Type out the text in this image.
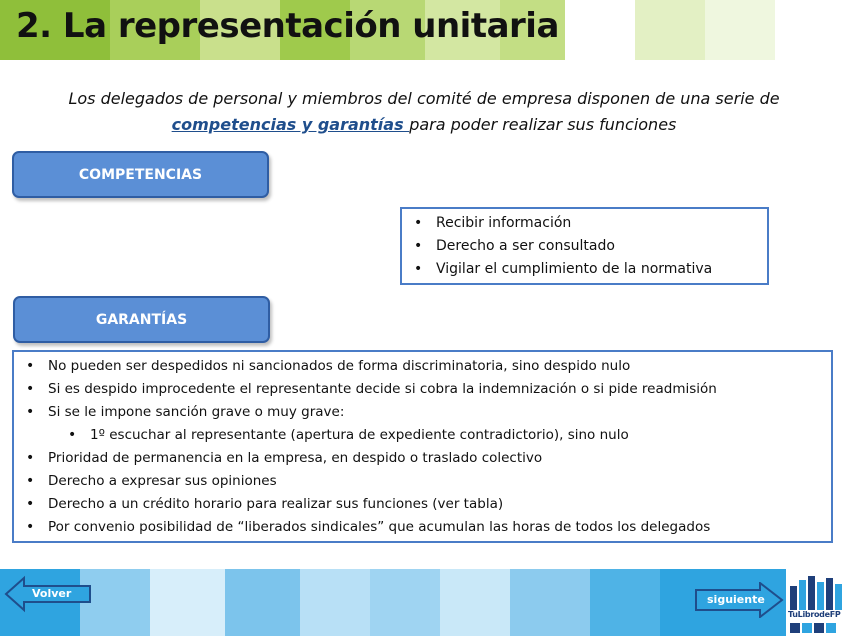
2. La representación unitaria
Los delegados de personal y miembros del comité de empresa disponen de una serie de
competencias y garantías para poder realizar sus funciones
COMPETENCIAS
• Recibir información
• Derecho a ser consultado
• Vigilar el cumplimiento de la normativa
GARANTÍAS
• No pueden ser despedidos ni sancionados de forma discriminatoria, sino despido nulo
• Si es despido improcedente el representante decide si cobra la indemnización o si pide readmisión
• Si se le impone sanción grave o muy grave:
• 1º escuchar al representante (apertura de expediente contradictorio), sino nulo
• Prioridad de permanencia en la empresa, en despido o traslado colectivo
• Derecho a expresar sus opiniones
• Derecho a un crédito horario para realizar sus funciones (ver tabla)
• Por convenio posibilidad de “liberados sindicales” que acumulan las horas de todos los delegados
Volver	siguiente
TuLibrodeFP
